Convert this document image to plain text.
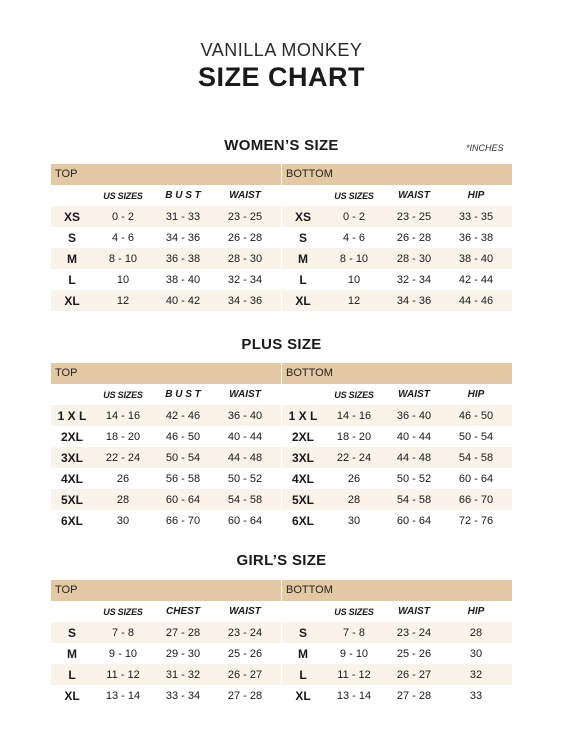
VANILLA MONKEY
SIZE CHART
WOMEN’S SIZE	*INCHES
TOP
US SIZES	B U S T	WAIST
XS	0 - 2	31 - 33	23 - 25
S	4 - 6	34 - 36	26 - 28
M	8 - 10	36 - 38	28 - 30
L	10	38 - 40	32 - 34
XL	12	40 - 42	34 - 36
BOTTOM
US SIZES	WAIST	HIP
XS	0 - 2	23 - 25	33 - 35
S	4 - 6	26 - 28	36 - 38
M	8 - 10	28 - 30	38 - 40
L	10	32 - 34	42 - 44
XL	12	34 - 36	44 - 46
PLUS SIZE
TOP
US SIZES	B U S T	WAIST
1 X L	14 - 16	42 - 46	36 - 40
2XL	18 - 20	46 - 50	40 - 44
3XL	22 - 24	50 - 54	44 - 48
4XL	26	56 - 58	50 - 52
5XL	28	60 - 64	54 - 58
6XL	30	66 - 70	60 - 64
BOTTOM
US SIZES	WAIST	HIP
1 X L	14 - 16	36 - 40	46 - 50
2XL	18 - 20	40 - 44	50 - 54
3XL	22 - 24	44 - 48	54 - 58
4XL	26	50 - 52	60 - 64
5XL	28	54 - 58	66 - 70
6XL	30	60 - 64	72 - 76
GIRL’S SIZE
TOP
US SIZES	CHEST	WAIST
S	7 - 8	27 - 28	23 - 24
M	9 - 10	29 - 30	25 - 26
L	11 - 12	31 - 32	26 - 27
XL	13 - 14	33 - 34	27 - 28
BOTTOM
US SIZES	WAIST	HIP
S	7 - 8	23 - 24	28
M	9 - 10	25 - 26	30
L	11 - 12	26 - 27	32
XL	13 - 14	27 - 28	33
